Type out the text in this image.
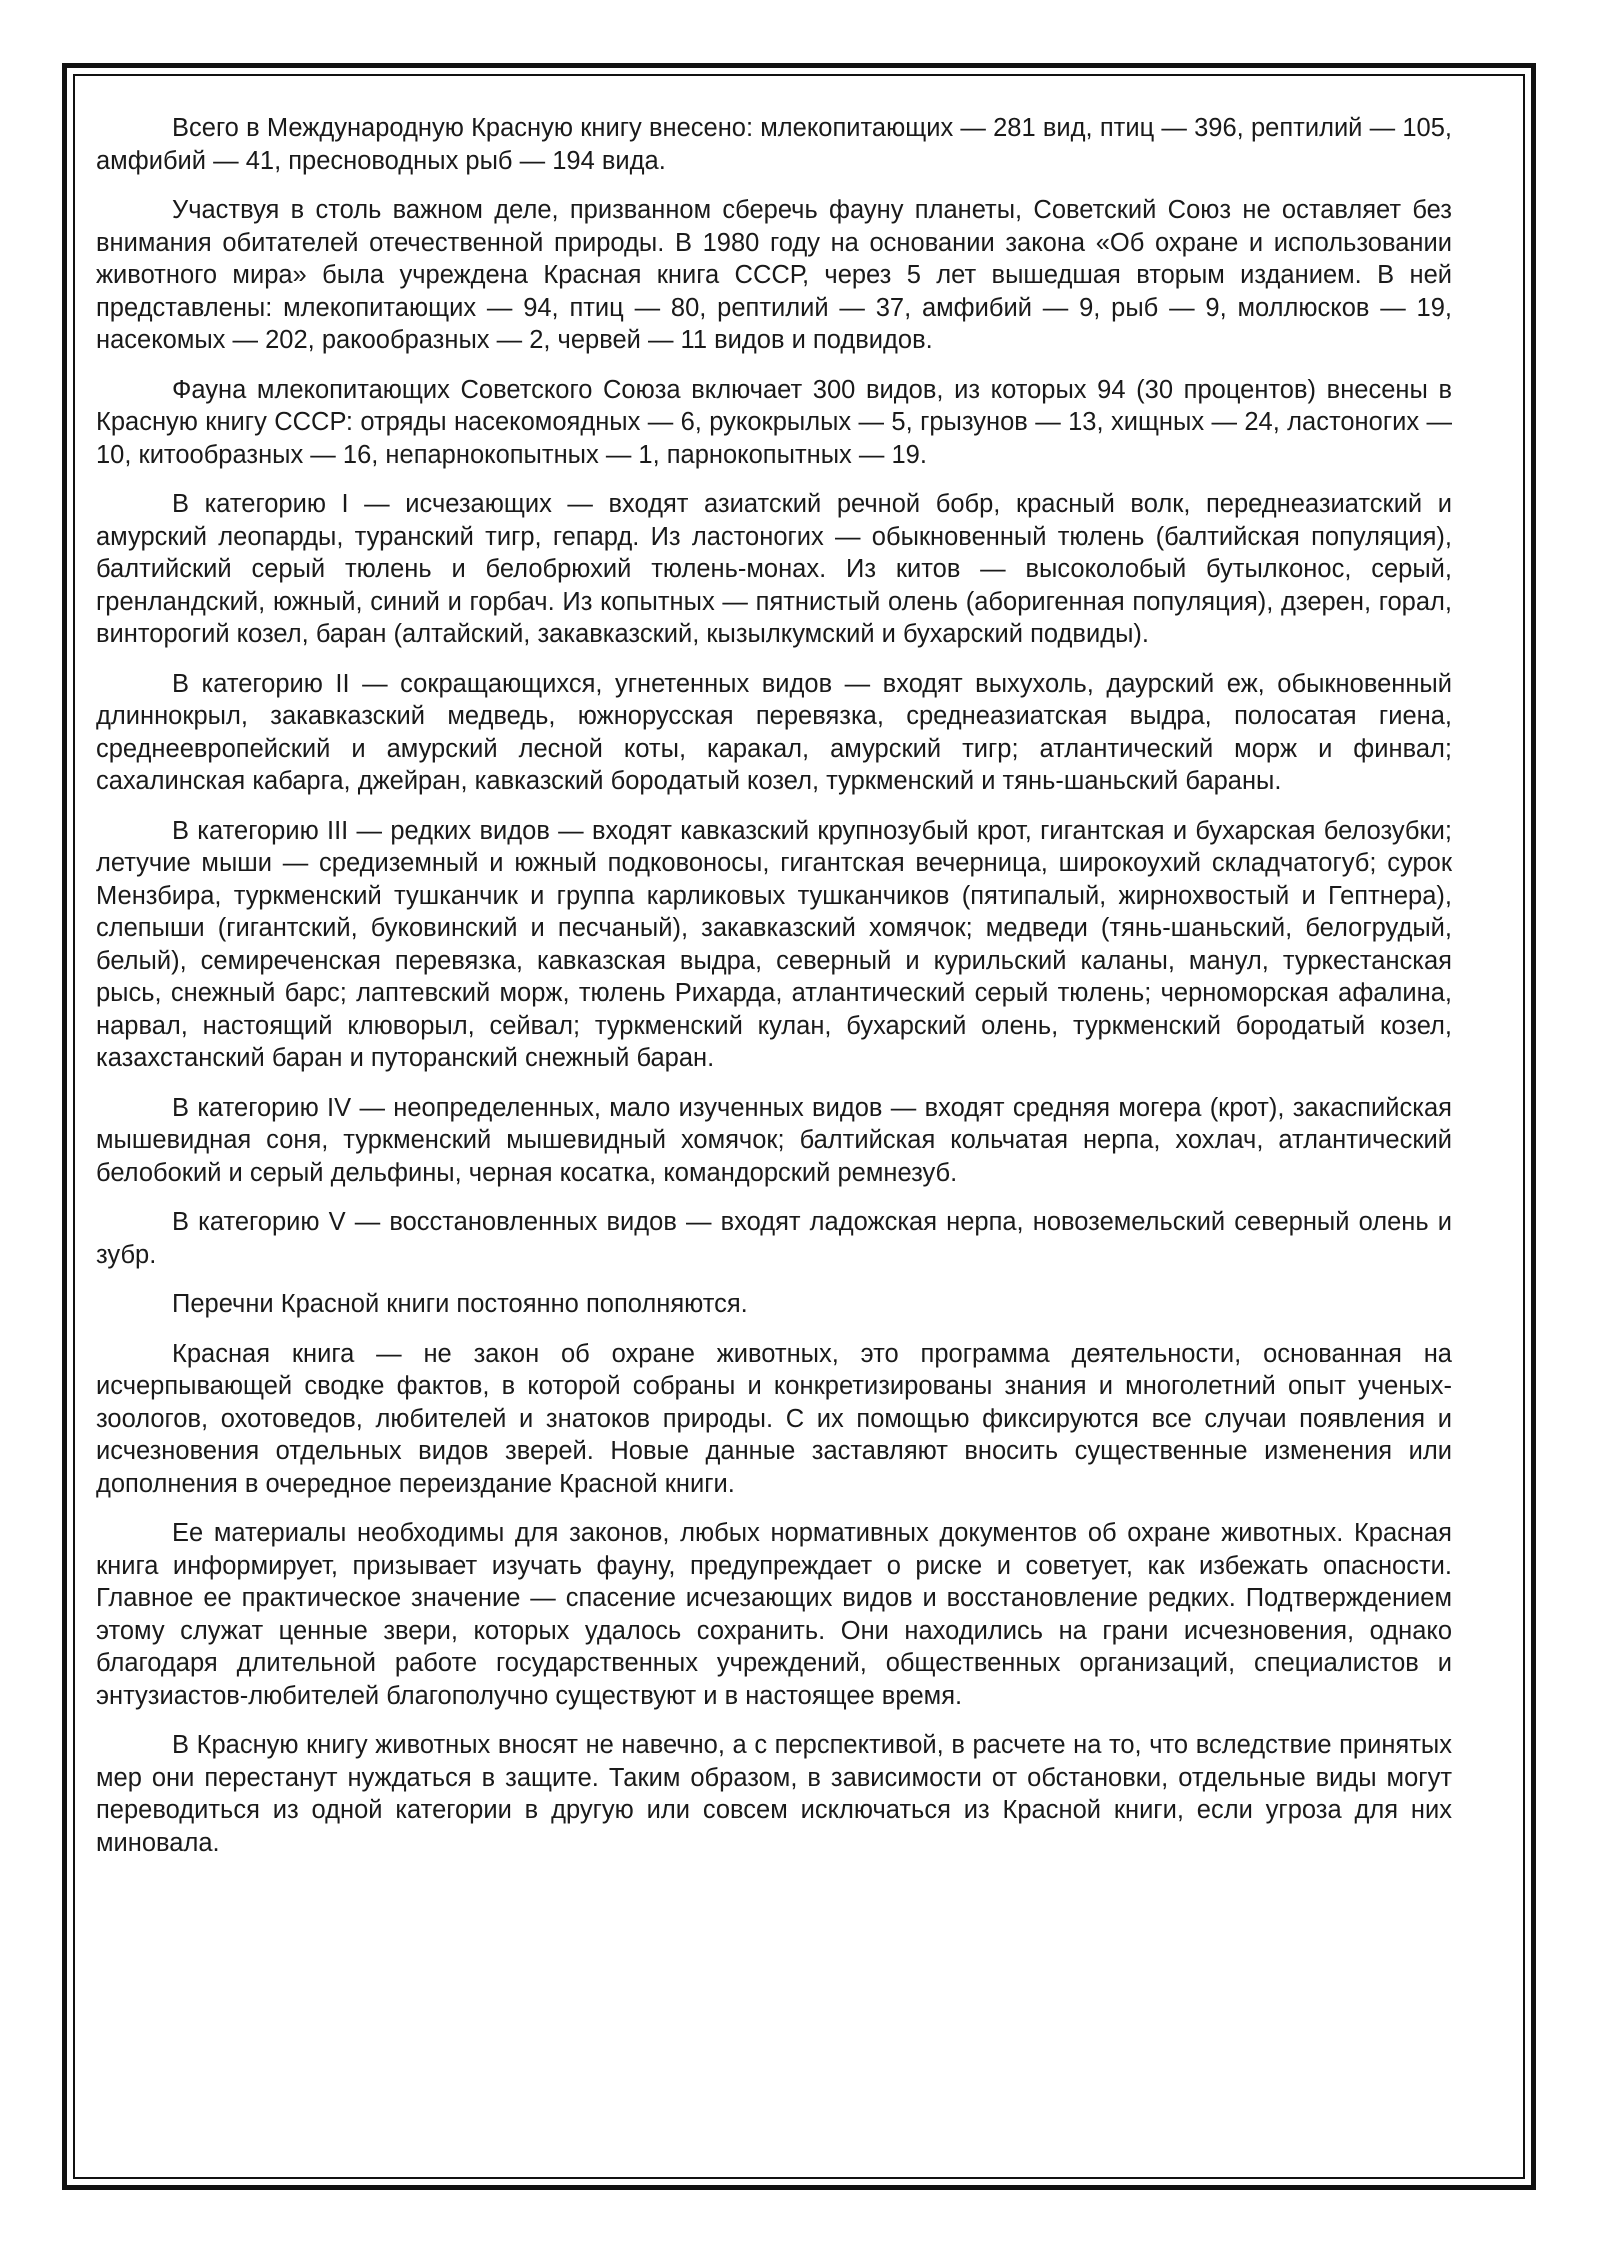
Всего в Международную Красную книгу внесено: млекопитающих — 281 вид, птиц — 396, рептилий — 105, амфибий — 41, пресноводных рыб — 194 вида.

Участвуя в столь важном деле, призванном сберечь фауну планеты, Советский Союз не оставляет без внимания обитателей отечественной природы. В 1980 году на основании закона «Об охране и использовании животного мира» была учреждена Красная книга СССР, через 5 лет вышедшая вторым изданием. В ней представлены: млекопитающих — 94, птиц — 80, рептилий — 37, амфибий — 9, рыб — 9, моллюсков — 19, насекомых — 202, ракообразных — 2, червей — 11 видов и подвидов.

Фауна млекопитающих Советского Союза включает 300 видов, из которых 94 (30 процентов) внесены в Красную книгу СССР: отряды насекомоядных — 6, рукокрылых — 5, грызунов — 13, хищных — 24, ластоногих — 10, китообразных — 16, непарнокопытных — 1, парнокопытных — 19.

В категорию I — исчезающих — входят азиатский речной бобр, красный волк, переднеазиатский и амурский леопарды, туранский тигр, гепард. Из ластоногих — обыкновенный тюлень (балтийская популяция), балтийский серый тюлень и белобрюхий тюлень-монах. Из китов — высоколобый бутылконос, серый, гренландский, южный, синий и горбач. Из копытных — пятнистый олень (аборигенная популяция), дзерен, горал, винторогий козел, баран (алтайский, закавказский, кызылкумский и бухарский подвиды).

В категорию II — сокращающихся, угнетенных видов — входят выхухоль, даурский еж, обыкновенный длиннокрыл, закавказский медведь, южнорусская перевязка, среднеазиатская выдра, полосатая гиена, среднеевропейский и амурский лесной коты, каракал, амурский тигр; атлантический морж и финвал; сахалинская кабарга, джейран, кавказский бородатый козел, туркменский и тянь-шаньский бараны.

В категорию III — редких видов — входят кавказский крупнозубый крот, гигантская и бухарская белозубки; летучие мыши — средиземный и южный подковоносы, гигантская вечерница, широкоухий складчатогуб; сурок Мензбира, туркменский тушканчик и группа карликовых тушканчиков (пятипалый, жирнохвостый и Гептнера), слепыши (гигантский, буковинский и песчаный), закавказский хомячок; медведи (тянь-шаньский, белогрудый, белый), семиреченская перевязка, кавказская выдра, северный и курильский каланы, манул, туркестанская рысь, снежный барс; лаптевский морж, тюлень Рихарда, атлантический серый тюлень; черноморская афалина, нарвал, настоящий клюворыл, сейвал; туркменский кулан, бухарский олень, туркменский бородатый козел, казахстанский баран и путоранский снежный баран.

В категорию IV — неопределенных, мало изученных видов — входят средняя могера (крот), закаспийская мышевидная соня, туркменский мышевидный хомячок; балтийская кольчатая нерпа, хохлач, атлантический белобокий и серый дельфины, черная косатка, командорский ремнезуб.

В категорию V — восстановленных видов — входят ладожская нерпа, новоземельский северный олень и зубр.

Перечни Красной книги постоянно пополняются.

Красная книга — не закон об охране животных, это программа деятельности, основанная на исчерпывающей сводке фактов, в которой собраны и конкретизированы знания и многолетний опыт ученых-зоологов, охотоведов, любителей и знатоков природы. С их помощью фиксируются все случаи появления и исчезновения отдельных видов зверей. Новые данные заставляют вносить существенные изменения или дополнения в очередное переиздание Красной книги.

Ее материалы необходимы для законов, любых нормативных документов об охране животных. Красная книга информирует, призывает изучать фауну, предупреждает о риске и советует, как избежать опасности. Главное ее практическое значение — спасение исчезающих видов и восстановление редких. Подтверждением этому служат ценные звери, которых удалось сохранить. Они находились на грани исчезновения, однако благодаря длительной работе государственных учреждений, общественных организаций, специалистов и энтузиастов-любителей благополучно существуют и в настоящее время.

В Красную книгу животных вносят не навечно, а с перспективой, в расчете на то, что вследствие принятых мер они перестанут нуждаться в защите. Таким образом, в зависимости от обстановки, отдельные виды могут переводиться из одной категории в другую или совсем исключаться из Красной книги, если угроза для них миновала.
